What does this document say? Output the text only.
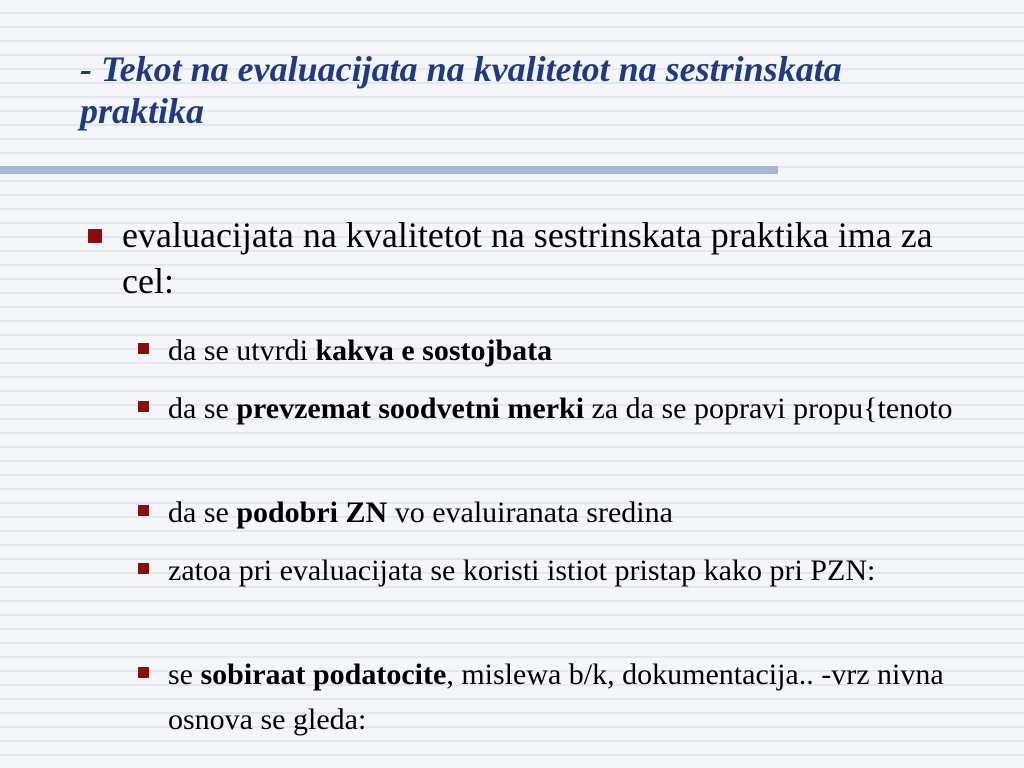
- Tekot na evaluacijata na kvalitetot na sestrinskata praktika
evaluacijata na kvalitetot na sestrinskata praktika ima za cel:
da se utvrdi kakva e sostojbata
da se prevzemat soodvetni merki za da se popravi propu{tenoto
da se podobri ZN vo evaluiranata sredina
zatoa pri evaluacijata se koristi istiot pristap kako pri PZN:
se sobiraat podatocite, mislewa b/k, dokumentacija.. -vrz nivna osnova se gleda:
